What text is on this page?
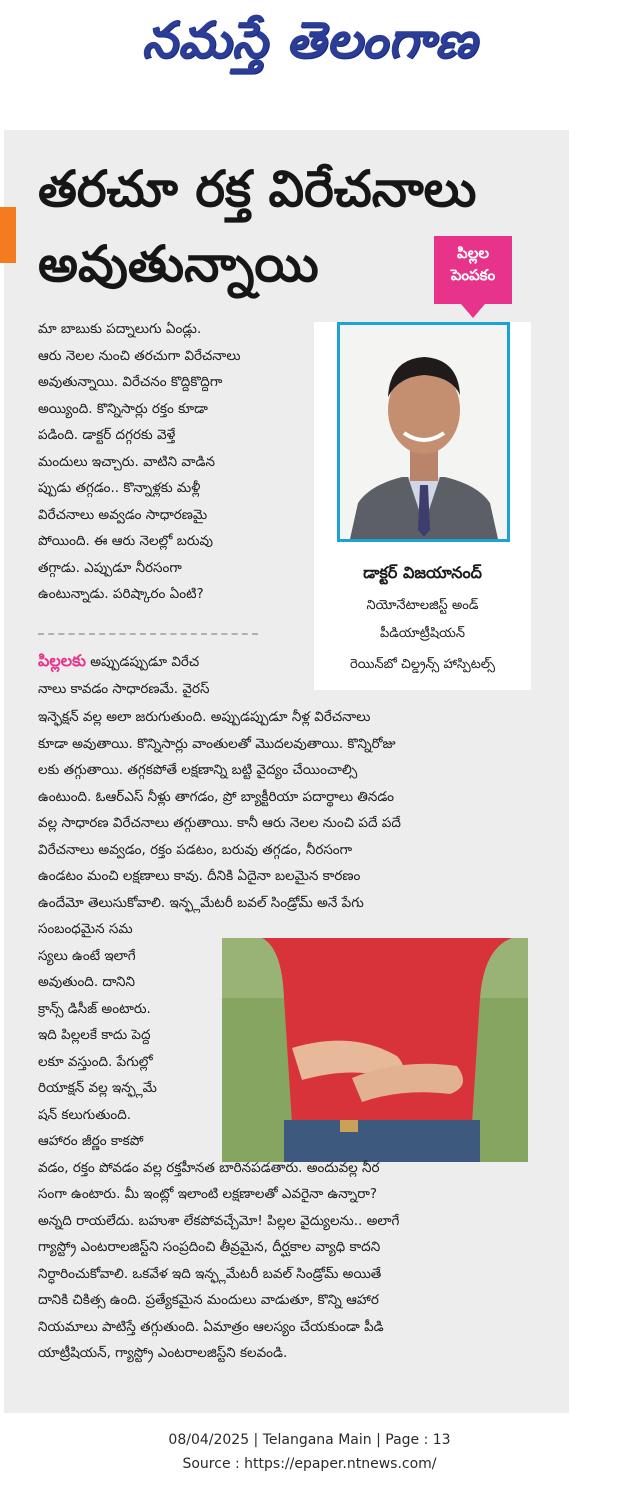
నమస్తే తెలంగాణ
తరచూ రక్త విరేచనాలు
అవుతున్నాయి	పిల్లల
పెంపకం
డాక్టర్ విజయానంద్
నియోనేటాలజిస్ట్ అండ్
పీడియాట్రీషియన్
రెయిన్‌బో చిల్డ్రన్స్ హాస్పిటల్స్
మా బాబుకు పద్నాలుగు ఏండ్లు.
ఆరు నెలల నుంచి తరచుగా విరేచనాలు
అవుతున్నాయి. విరేచనం కొద్దికొద్దిగా
అయ్యింది. కొన్నిసార్లు రక్తం కూడా
పడింది. డాక్టర్ దగ్గరకు వెళ్తే
మందులు ఇచ్చారు. వాటిని వాడిన
ప్పుడు తగ్గడం.. కొన్నాళ్లకు మళ్లీ
విరేచనాలు అవ్వడం సాధారణమై
పోయింది. ఈ ఆరు నెలల్లో బరువు
తగ్గాడు. ఎప్పుడూ నీరసంగా
ఉంటున్నాడు. పరిష్కారం ఏంటి?
పిల్లలకు అప్పుడప్పుడూ విరేచ
నాలు కావడం సాధారణమే. వైరస్
ఇన్ఫెక్షన్ వల్ల అలా జరుగుతుంది. అప్పుడప్పుడూ నీళ్ల విరేచనాలు
కూడా అవుతాయి. కొన్నిసార్లు వాంతులతో మొదలవుతాయి. కొన్నిరోజు
లకు తగ్గుతాయి. తగ్గకపోతే లక్షణాన్ని బట్టి వైద్యం చేయించాల్సి
ఉంటుంది. ఓఆర్ఎస్ నీళ్లు తాగడం, ప్రో బ్యాక్టీరియా పదార్థాలు తినడం
వల్ల సాధారణ విరేచనాలు తగ్గుతాయి. కానీ ఆరు నెలల నుంచి పదే పదే
విరేచనాలు అవ్వడం, రక్తం పడటం, బరువు తగ్గడం, నీరసంగా
ఉండటం మంచి లక్షణాలు కావు. దీనికి ఏదైనా బలమైన కారణం
ఉందేమో తెలుసుకోవాలి. ఇన్ఫ్లమేటరీ బవల్ సిండ్రోమ్ అనే పేగు
సంబంధమైన సమ
స్యలు ఉంటే ఇలాగే
అవుతుంది. దానిని
క్రాన్స్ డిసీజ్ అంటారు.
ఇది పిల్లలకే కాదు పెద్ద
లకూ వస్తుంది. పేగుల్లో
రియాక్షన్ వల్ల ఇన్ఫ్లమే
షన్ కలుగుతుంది.
ఆహారం జీర్ణం కాకపో
వడం, రక్తం పోవడం వల్ల రక్తహీనత బారినపడతారు. అందువల్ల నీర
సంగా ఉంటారు. మీ ఇంట్లో ఇలాంటి లక్షణాలతో ఎవరైనా ఉన్నారా?
అన్నది రాయలేదు. బహుశా లేకపోవచ్చేమో! పిల్లల వైద్యులను.. అలాగే
గ్యాస్ట్రో ఎంటరాలజిస్ట్‌ని సంప్రదించి తీవ్రమైన, దీర్ఘకాల వ్యాధి కాదని
నిర్ధారించుకోవాలి. ఒకవేళ ఇది ఇన్ఫ్లమేటరీ బవల్ సిండ్రోమ్ అయితే
దానికి చికిత్స ఉంది. ప్రత్యేకమైన మందులు వాడుతూ, కొన్ని ఆహార
నియమాలు పాటిస్తే తగ్గుతుంది. ఏమాత్రం ఆలస్యం చేయకుండా పీడి
యాట్రీషియన్, గ్యాస్ట్రో ఎంటరాలజిస్ట్‌ని కలవండి.
08/04/2025 | Telangana Main | Page : 13
Source : https://epaper.ntnews.com/
